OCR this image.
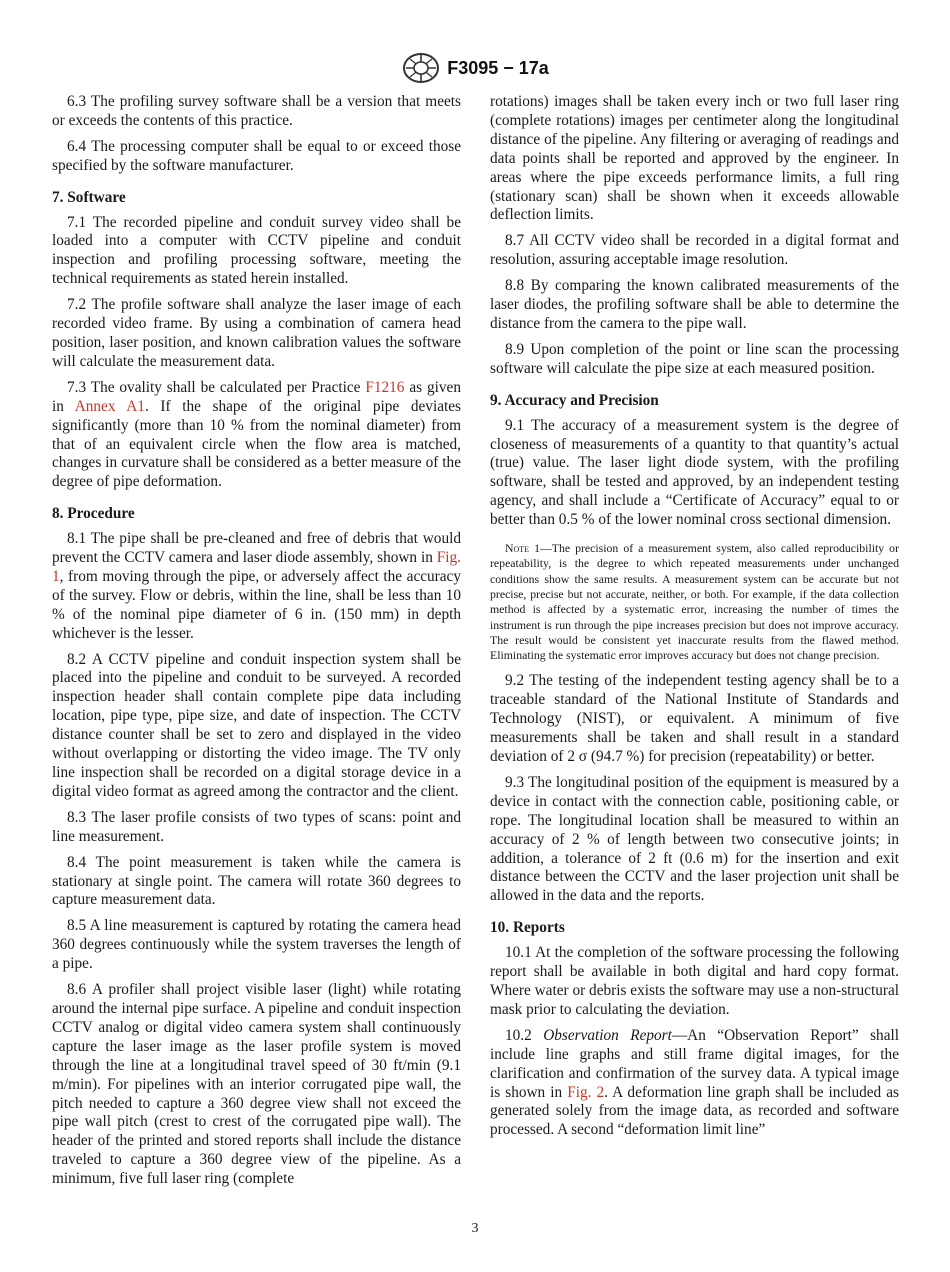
F3095 − 17a

6.3 The profiling survey software shall be a version that meets or exceeds the contents of this practice.

6.4 The processing computer shall be equal to or exceed those specified by the software manufacturer.

7. Software

7.1 The recorded pipeline and conduit survey video shall be loaded into a computer with CCTV pipeline and conduit inspection and profiling processing software, meeting the technical requirements as stated herein installed.

7.2 The profile software shall analyze the laser image of each recorded video frame. By using a combination of camera head position, laser position, and known calibration values the software will calculate the measurement data.

7.3 The ovality shall be calculated per Practice F1216 as given in Annex A1. If the shape of the original pipe deviates significantly (more than 10 % from the nominal diameter) from that of an equivalent circle when the flow area is matched, changes in curvature shall be considered as a better measure of the degree of pipe deformation.

8. Procedure

8.1 The pipe shall be pre-cleaned and free of debris that would prevent the CCTV camera and laser diode assembly, shown in Fig. 1, from moving through the pipe, or adversely affect the accuracy of the survey. Flow or debris, within the line, shall be less than 10 % of the nominal pipe diameter of 6 in. (150 mm) in depth whichever is the lesser.

8.2 A CCTV pipeline and conduit inspection system shall be placed into the pipeline and conduit to be surveyed. A recorded inspection header shall contain complete pipe data including location, pipe type, pipe size, and date of inspection. The CCTV distance counter shall be set to zero and displayed in the video without overlapping or distorting the video image. The TV only line inspection shall be recorded on a digital storage device in a digital video format as agreed among the contractor and the client.

8.3 The laser profile consists of two types of scans: point and line measurement.

8.4 The point measurement is taken while the camera is stationary at single point. The camera will rotate 360 degrees to capture measurement data.

8.5 A line measurement is captured by rotating the camera head 360 degrees continuously while the system traverses the length of a pipe.

8.6 A profiler shall project visible laser (light) while rotating around the internal pipe surface. A pipeline and conduit inspection CCTV analog or digital video camera system shall continuously capture the laser image as the laser profile system is moved through the line at a longitudinal travel speed of 30 ft/min (9.1 m/min). For pipelines with an interior corrugated pipe wall, the pitch needed to capture a 360 degree view shall not exceed the pipe wall pitch (crest to crest of the corrugated pipe wall). The header of the printed and stored reports shall include the distance traveled to capture a 360 degree view of the pipeline. As a minimum, five full laser ring (complete

rotations) images shall be taken every inch or two full laser ring (complete rotations) images per centimeter along the longitudinal distance of the pipeline. Any filtering or averaging of readings and data points shall be reported and approved by the engineer. In areas where the pipe exceeds performance limits, a full ring (stationary scan) shall be shown when it exceeds allowable deflection limits.

8.7 All CCTV video shall be recorded in a digital format and resolution, assuring acceptable image resolution.

8.8 By comparing the known calibrated measurements of the laser diodes, the profiling software shall be able to determine the distance from the camera to the pipe wall.

8.9 Upon completion of the point or line scan the processing software will calculate the pipe size at each measured position.

9. Accuracy and Precision

9.1 The accuracy of a measurement system is the degree of closeness of measurements of a quantity to that quantity’s actual (true) value. The laser light diode system, with the profiling software, shall be tested and approved, by an independent testing agency, and shall include a “Certificate of Accuracy” equal to or better than 0.5 % of the lower nominal cross sectional dimension.

Note 1—The precision of a measurement system, also called reproducibility or repeatability, is the degree to which repeated measurements under unchanged conditions show the same results. A measurement system can be accurate but not precise, precise but not accurate, neither, or both. For example, if the data collection method is affected by a systematic error, increasing the number of times the instrument is run through the pipe increases precision but does not improve accuracy. The result would be consistent yet inaccurate results from the flawed method. Eliminating the systematic error improves accuracy but does not change precision.

9.2 The testing of the independent testing agency shall be to a traceable standard of the National Institute of Standards and Technology (NIST), or equivalent. A minimum of five measurements shall be taken and shall result in a standard deviation of 2 σ (94.7 %) for precision (repeatability) or better.

9.3 The longitudinal position of the equipment is measured by a device in contact with the connection cable, positioning cable, or rope. The longitudinal location shall be measured to within an accuracy of 2 % of length between two consecutive joints; in addition, a tolerance of 2 ft (0.6 m) for the insertion and exit distance between the CCTV and the laser projection unit shall be allowed in the data and the reports.

10. Reports

10.1 At the completion of the software processing the following report shall be available in both digital and hard copy format. Where water or debris exists the software may use a non-structural mask prior to calculating the deviation.

10.2 Observation Report—An “Observation Report” shall include line graphs and still frame digital images, for the clarification and confirmation of the survey data. A typical image is shown in Fig. 2. A deformation line graph shall be included as generated solely from the image data, as recorded and software processed. A second “deformation limit line”

3
